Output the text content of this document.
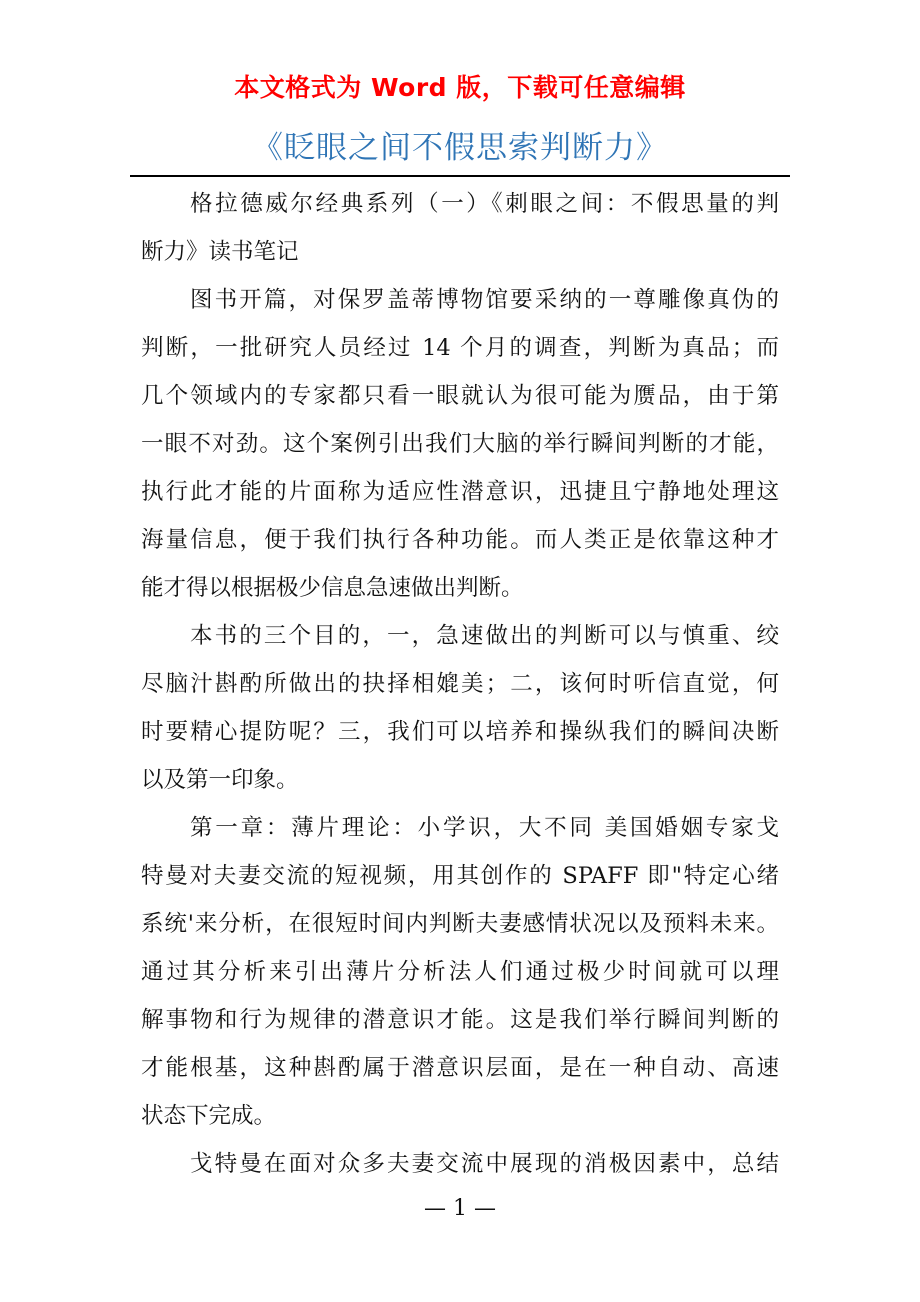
本文格式为 Word 版，下载可任意编辑
《眨眼之间不假思索判断力》
格拉德威尔经典系列（一）《刺眼之间：不假思量的判
断力》读书笔记
图书开篇，对保罗盖蒂博物馆要采纳的一尊雕像真伪的
判断，一批研究人员经过 14 个月的调查，判断为真品；而
几个领域内的专家都只看一眼就认为很可能为赝品，由于第
一眼不对劲。这个案例引出我们大脑的举行瞬间判断的才能，
执行此才能的片面称为适应性潜意识，迅捷且宁静地处理这
海量信息，便于我们执行各种功能。而人类正是依靠这种才
能才得以根据极少信息急速做出判断。
本书的三个目的，一，急速做出的判断可以与慎重、绞
尽脑汁斟酌所做出的抉择相媲美；二，该何时听信直觉，何
时要精心提防呢？三，我们可以培养和操纵我们的瞬间决断
以及第一印象。
第一章：薄片理论：小学识，大不同 美国婚姻专家戈
特曼对夫妻交流的短视频，用其创作的 SPAFF 即"特定心绪
系统'来分析，在很短时间内判断夫妻感情状况以及预料未来。
通过其分析来引出薄片分析法人们通过极少时间就可以理
解事物和行为规律的潜意识才能。这是我们举行瞬间判断的
才能根基，这种斟酌属于潜意识层面，是在一种自动、高速
状态下完成。
戈特曼在面对众多夫妻交流中展现的消极因素中，总结
— 1 —
